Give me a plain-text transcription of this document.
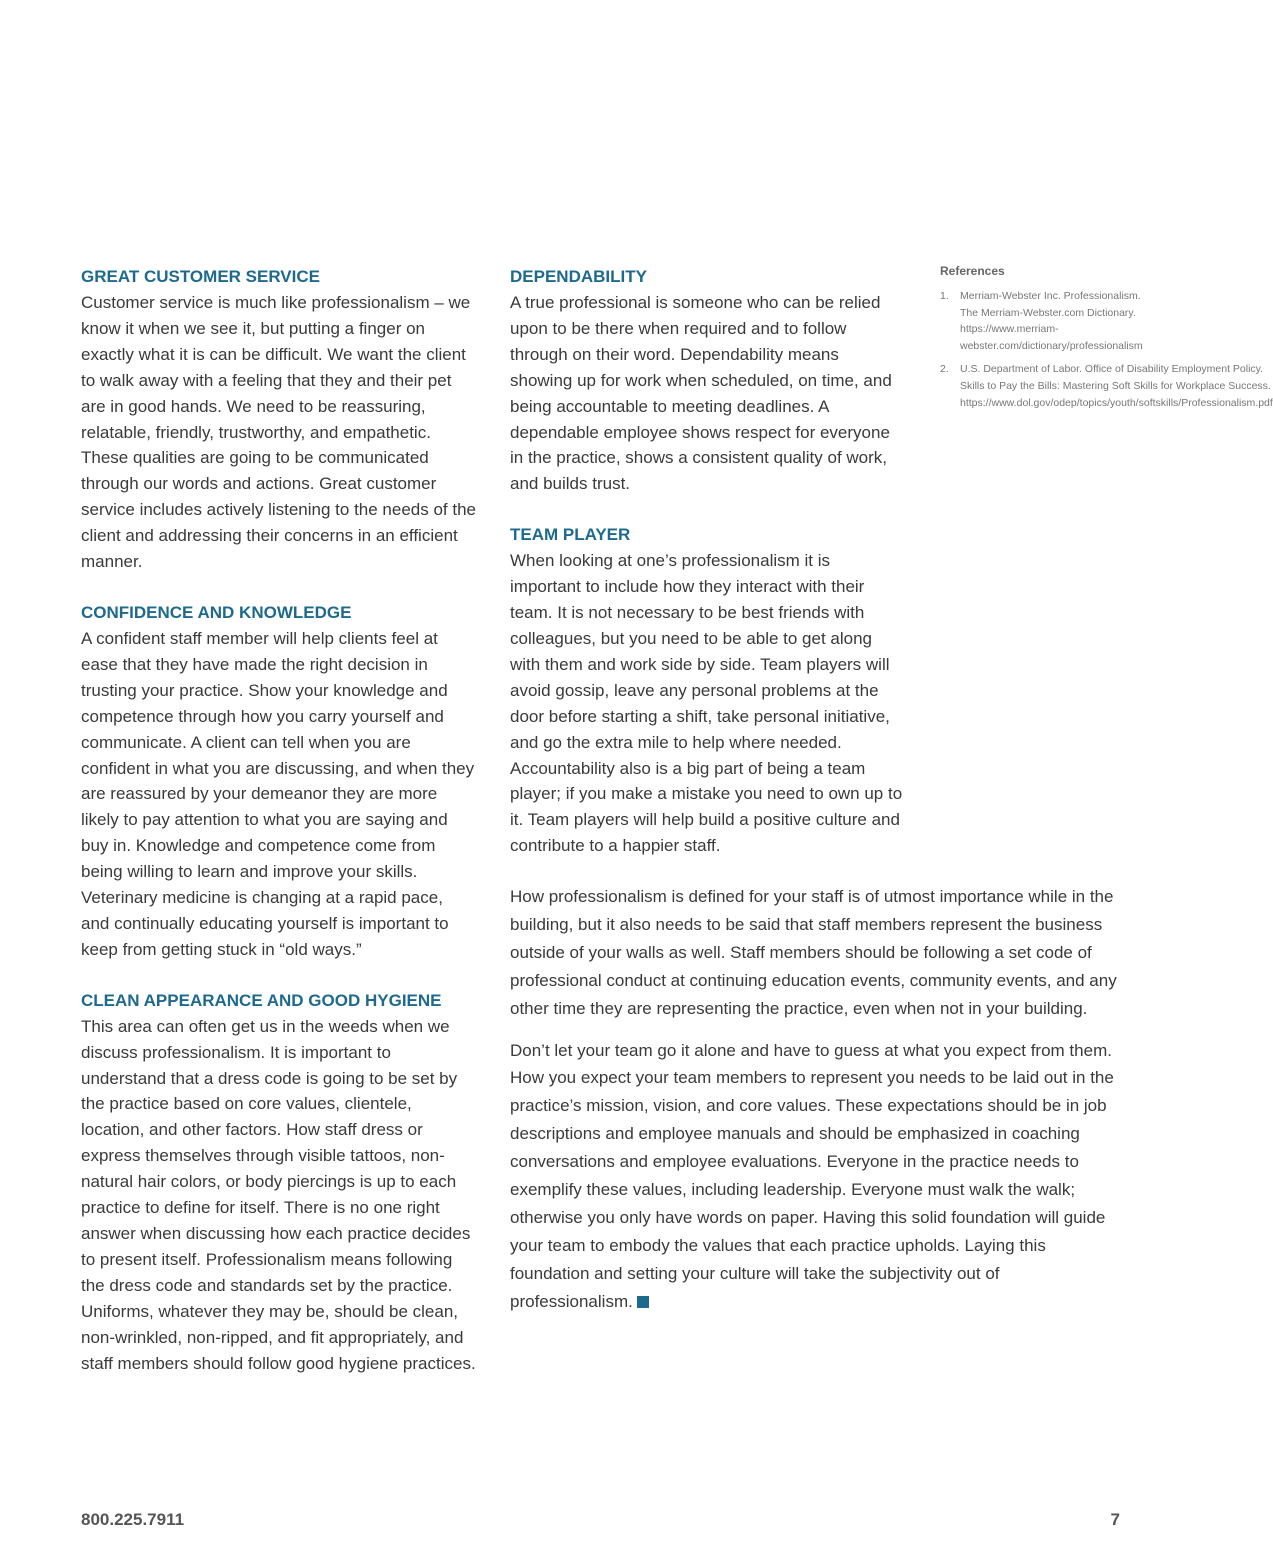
GREAT CUSTOMER SERVICE

Customer service is much like professionalism – we know it when we see it, but putting a finger on exactly what it is can be difficult. We want the client to walk away with a feeling that they and their pet are in good hands. We need to be reassuring, relatable, friendly, trustworthy, and empathetic. These qualities are going to be communicated through our words and actions. Great customer service includes actively listening to the needs of the client and addressing their concerns in an efficient manner.

CONFIDENCE AND KNOWLEDGE

A confident staff member will help clients feel at ease that they have made the right decision in trusting your practice. Show your knowledge and competence through how you carry yourself and communicate. A client can tell when you are confident in what you are discussing, and when they are reassured by your demeanor they are more likely to pay attention to what you are saying and buy in. Knowledge and competence come from being willing to learn and improve your skills. Veterinary medicine is changing at a rapid pace, and continually educating yourself is important to keep from getting stuck in “old ways.”

CLEAN APPEARANCE AND GOOD HYGIENE

This area can often get us in the weeds when we discuss professionalism. It is important to understand that a dress code is going to be set by the practice based on core values, clientele, location, and other factors. How staff dress or express themselves through visible tattoos, non-natural hair colors, or body piercings is up to each practice to define for itself. There is no one right answer when discussing how each practice decides to present itself. Professionalism means following the dress code and standards set by the practice. Uniforms, whatever they may be, should be clean, non-wrinkled, non-ripped, and fit appropriately, and staff members should follow good hygiene practices.

DEPENDABILITY

A true professional is someone who can be relied upon to be there when required and to follow through on their word. Dependability means showing up for work when scheduled, on time, and being accountable to meeting deadlines. A dependable employee shows respect for everyone in the practice, shows a consistent quality of work, and builds trust.

TEAM PLAYER

When looking at one’s professionalism it is important to include how they interact with their team. It is not necessary to be best friends with colleagues, but you need to be able to get along with them and work side by side. Team players will avoid gossip, leave any personal problems at the door before starting a shift, take personal initiative, and go the extra mile to help where needed. Accountability also is a big part of being a team player; if you make a mistake you need to own up to it. Team players will help build a positive culture and contribute to a happier staff.

References

1.	Merriam-Webster Inc. Professionalism. The Merriam-Webster.com Dictionary. https://www.merriam-webster.com/dictionary/professionalism
2.	U.S. Department of Labor. Office of Disability Employment Policy. Skills to Pay the Bills: Mastering Soft Skills for Workplace Success. https://www.dol.gov/odep/topics/youth/softskills/Professionalism.pdf

How professionalism is defined for your staff is of utmost importance while in the building, but it also needs to be said that staff members represent the business outside of your walls as well. Staff members should be following a set code of professional conduct at continuing education events, community events, and any other time they are representing the practice, even when not in your building.

Don’t let your team go it alone and have to guess at what you expect from them. How you expect your team members to represent you needs to be laid out in the practice’s mission, vision, and core values. These expectations should be in job descriptions and employee manuals and should be emphasized in coaching conversations and employee evaluations. Everyone in the practice needs to exemplify these values, including leadership. Everyone must walk the walk; otherwise you only have words on paper. Having this solid foundation will guide your team to embody the values that each practice upholds. Laying this foundation and setting your culture will take the subjectivity out of professionalism.

800.225.7911	7
